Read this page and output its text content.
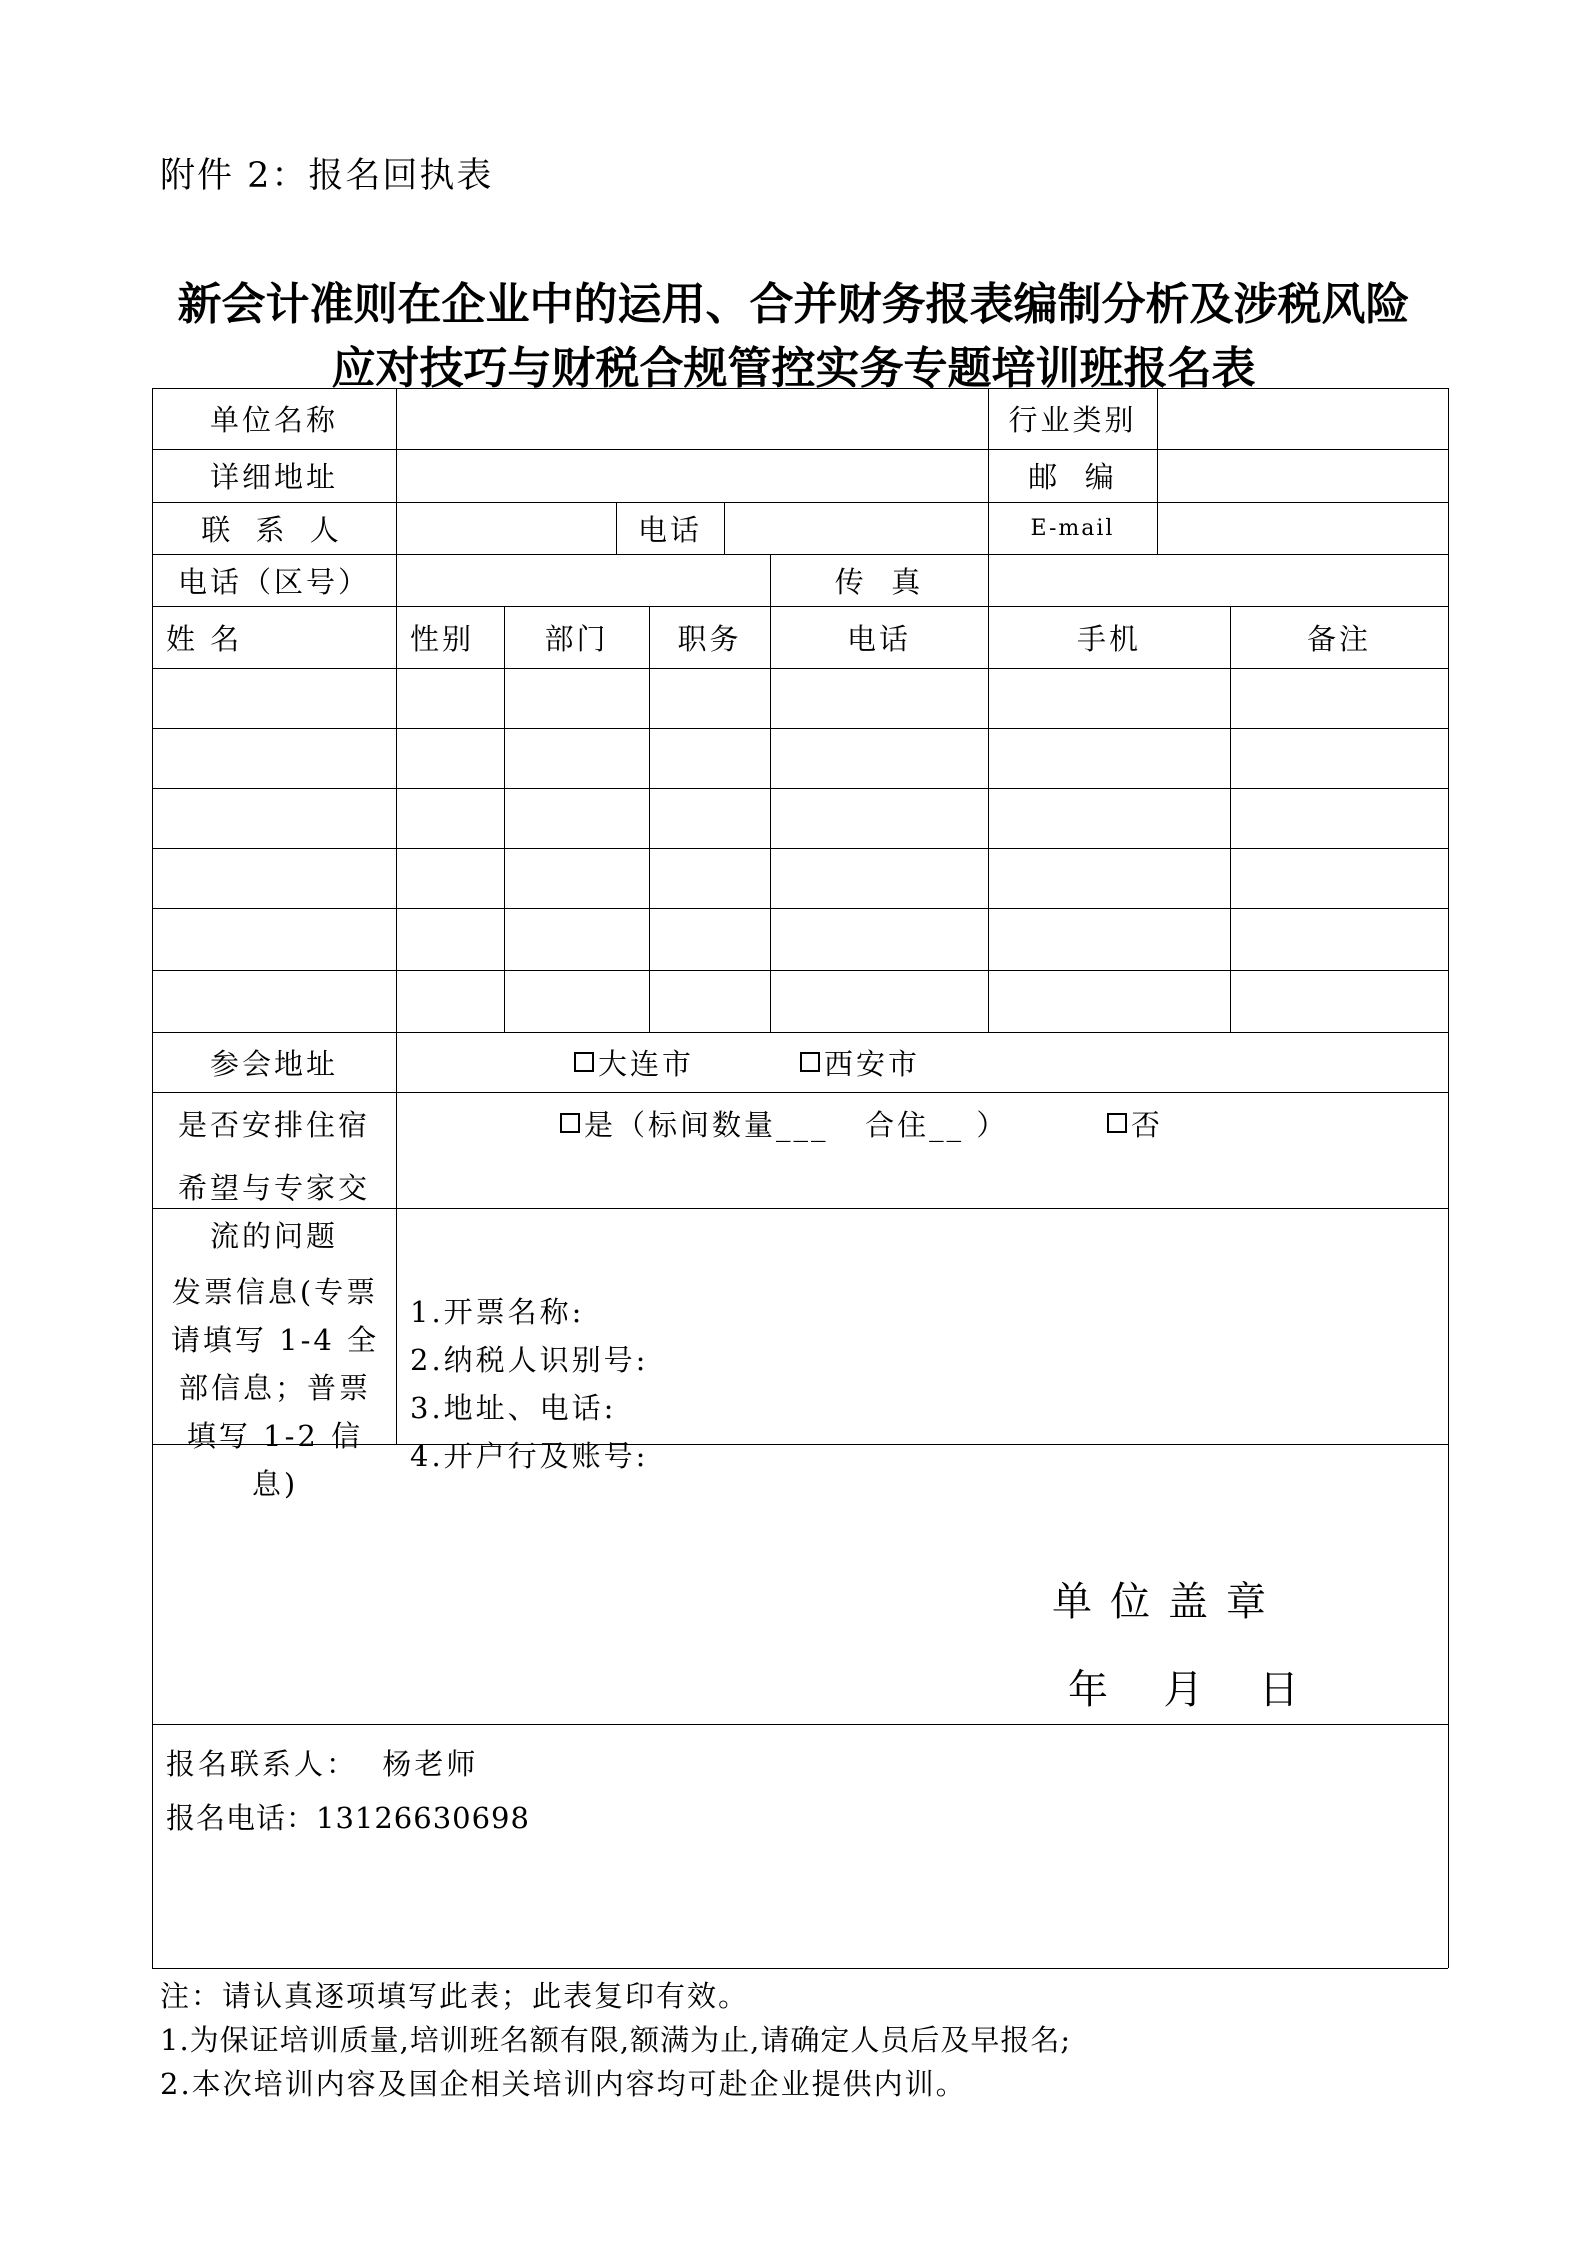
附件 2：报名回执表
新会计准则在企业中的运用、合并财务报表编制分析及涉税风险
应对技巧与财税合规管控实务专题培训班报名表
单位名称	行业类别
详细地址	邮  编
联 系 人	电话	E-mail
电话（区号）	传  真
姓 名	性别	部门	职务	电话	手机	备注
参会地址	大连市	西安市
是否安排住宿	是（标间数量___   合住__ ）	否
希望与专家交流的问题
发票信息(专票请填写 1-4 全部信息；普票填写 1-2 信息)
1.开票名称:
2.纳税人识别号:
3.地址、电话:
4.开户行及账号:
单位盖章
年  月  日
报名联系人：  杨老师
报名电话：13126630698
注：请认真逐项填写此表；此表复印有效。
1.为保证培训质量,培训班名额有限,额满为止,请确定人员后及早报名;
2.本次培训内容及国企相关培训内容均可赴企业提供内训。
